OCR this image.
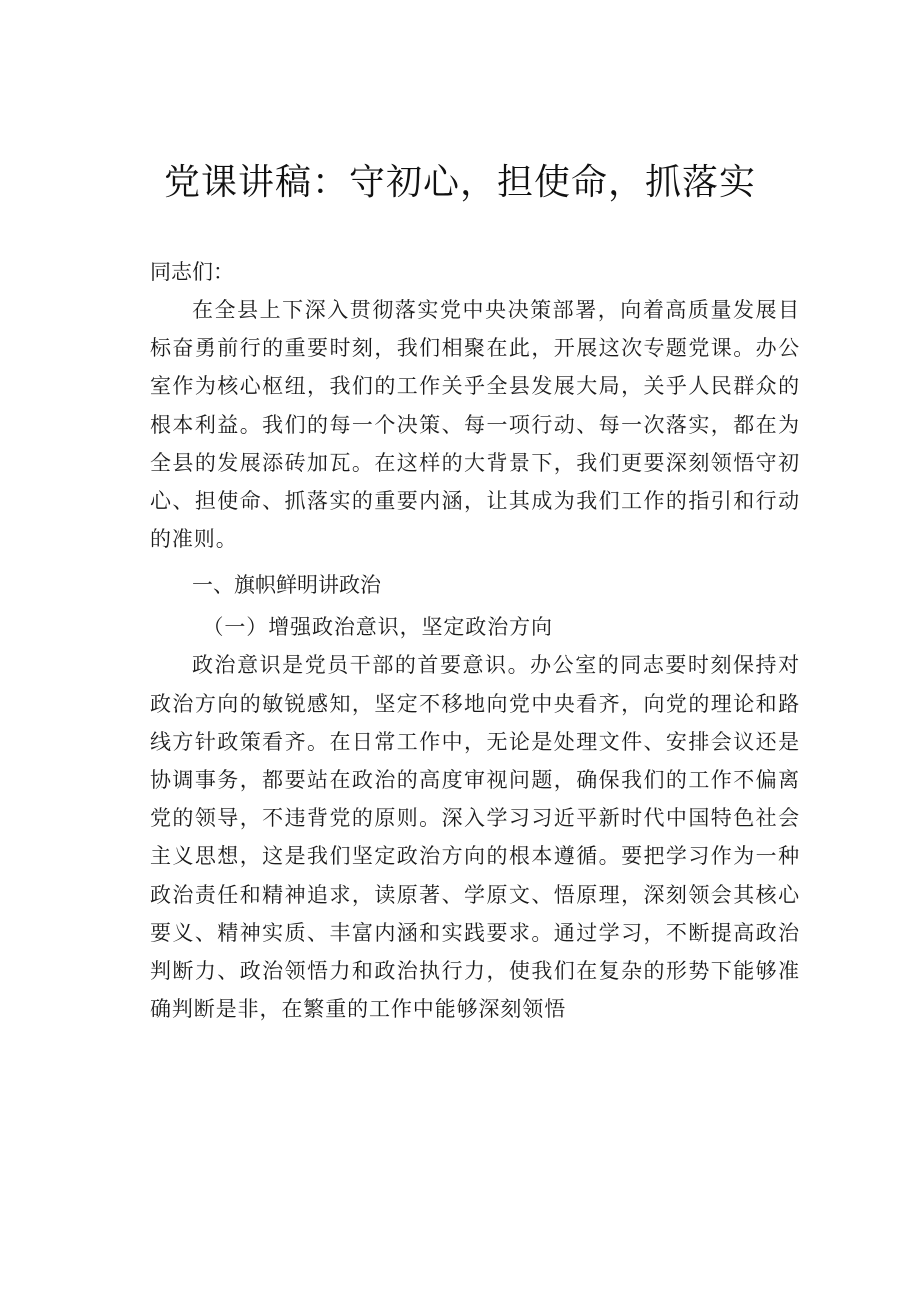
党课讲稿：守初心，担使命，抓落实

同志们：

在全县上下深入贯彻落实党中央决策部署，向着高质量发展目标奋勇前行的重要时刻，我们相聚在此，开展这次专题党课。办公室作为核心枢纽，我们的工作关乎全县发展大局，关乎人民群众的根本利益。我们的每一个决策、每一项行动、每一次落实，都在为全县的发展添砖加瓦。在这样的大背景下，我们更要深刻领悟守初心、担使命、抓落实的重要内涵，让其成为我们工作的指引和行动的准则。

一、旗帜鲜明讲政治

（一）增强政治意识，坚定政治方向

政治意识是党员干部的首要意识。办公室的同志要时刻保持对政治方向的敏锐感知，坚定不移地向党中央看齐，向党的理论和路线方针政策看齐。在日常工作中，无论是处理文件、安排会议还是协调事务，都要站在政治的高度审视问题，确保我们的工作不偏离党的领导，不违背党的原则。深入学习习近平新时代中国特色社会主义思想，这是我们坚定政治方向的根本遵循。要把学习作为一种政治责任和精神追求，读原著、学原文、悟原理，深刻领会其核心要义、精神实质、丰富内涵和实践要求。通过学习，不断提高政治判断力、政治领悟力和政治执行力，使我们在复杂的形势下能够准确判断是非，在繁重的工作中能够深刻领悟
